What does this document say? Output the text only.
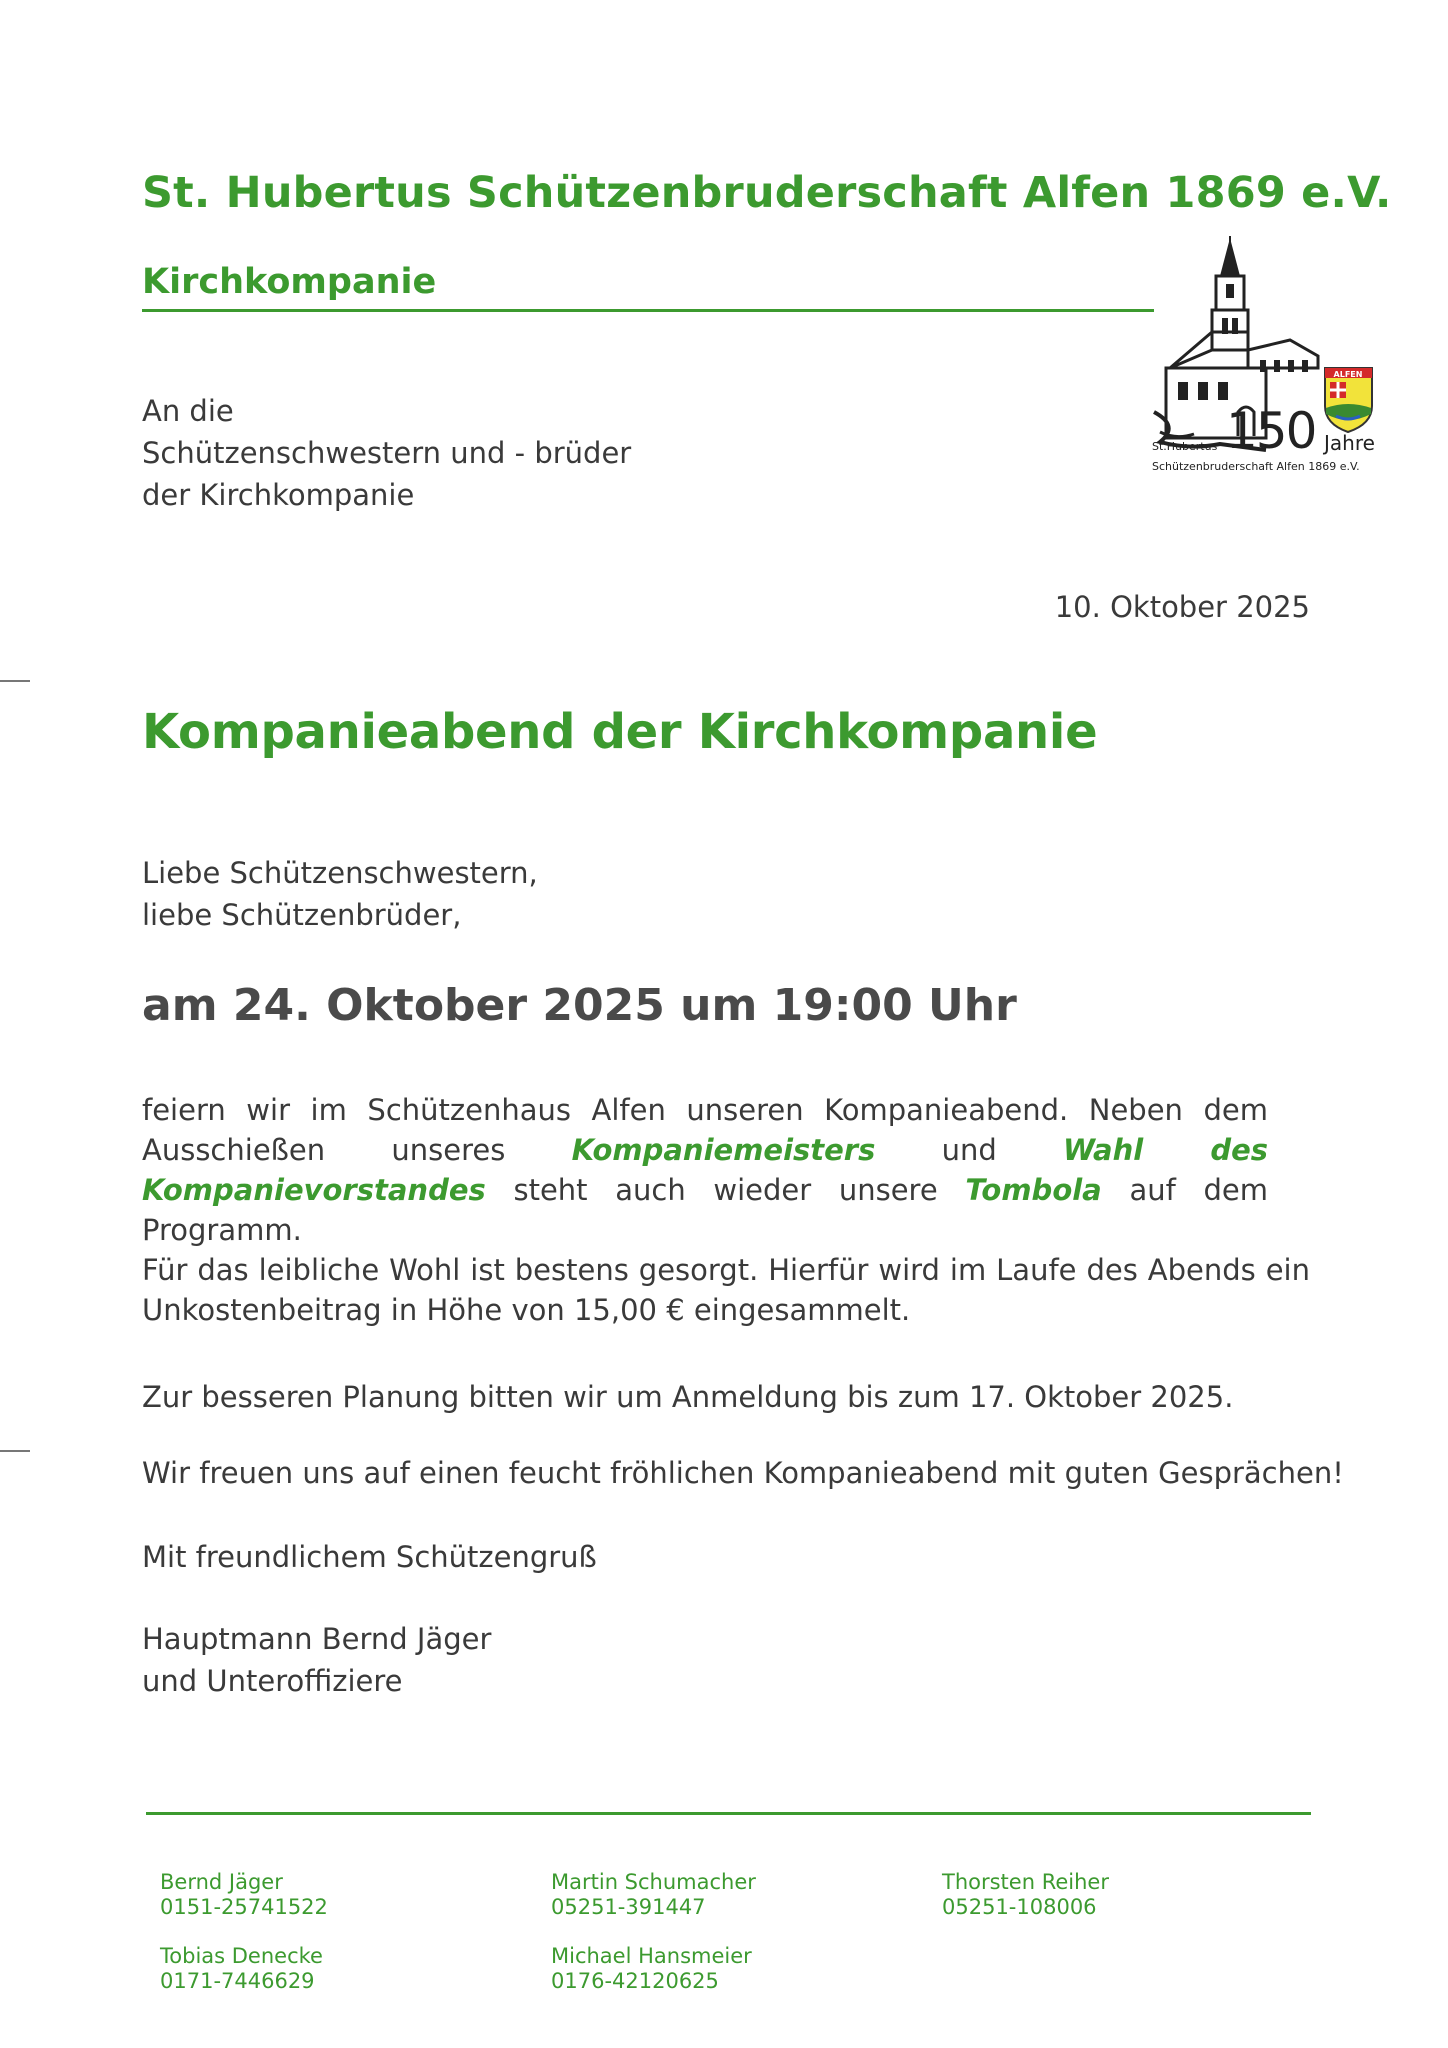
St. Hubertus Schützenbruderschaft Alfen 1869 e.V.
Kirchkompanie
ALFEN
150 Jahre
St.Hubertus
Schützenbruderschaft Alfen 1869 e.V.
An die
Schützenschwestern und - brüder
der Kirchkompanie
10. Oktober 2025
Kompanieabend der Kirchkompanie
Liebe Schützenschwestern,
liebe Schützenbrüder,
am 24. Oktober 2025 um 19:00 Uhr
feiern wir im Schützenhaus Alfen unseren Kompanieabend. Neben dem Ausschießen unseres Kompaniemeisters und Wahl des Kompanievorstandes steht auch wieder unsere Tombola auf dem Programm.
Für das leibliche Wohl ist bestens gesorgt. Hierfür wird im Laufe des Abends ein Unkostenbeitrag in Höhe von 15,00 € eingesammelt.
Zur besseren Planung bitten wir um Anmeldung bis zum 17. Oktober 2025.
Wir freuen uns auf einen feucht fröhlichen Kompanieabend mit guten Gesprächen!
Mit freundlichem Schützengruß
Hauptmann Bernd Jäger
und Unteroffiziere
Bernd Jäger
0151-25741522
Martin Schumacher
05251-391447
Thorsten Reiher
05251-108006
Tobias Denecke
0171-7446629
Michael Hansmeier
0176-42120625
